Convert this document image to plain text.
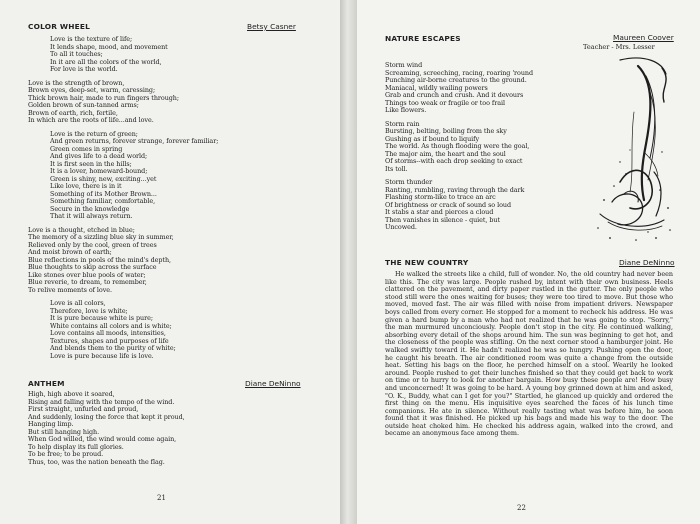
COLOR WHEEL	Betsy Casner
Love is the texture of life;
It lends shape, mood, and movement
To all it touches;
In it are all the colors of the world,
For love is the world.
Love is the strength of brown,
Brown eyes, deep-set, warm, caressing;
Thick brown hair, made to run fingers through;
Golden brown of sun-tanned arms;
Brown of earth, rich, fertile,
In which are the roots of life...and love.
Love is the return of green;
And green returns, forever strange, forever familiar;
Green comes in spring
And gives life to a dead world;
It is first seen in the hills;
It is a lover, homeward-bound;
Green is shiny, new, exciting...yet
Like love, there is in it
Something of its Mother Brown...
Something familiar, comfortable,
Secure in the knowledge
That it will always return.
Love is a thought, etched in blue;
The memory of a sizzling blue sky in summer,
Relieved only by the cool, green of trees
And moist brown of earth;
Blue reflections in pools of the mind's depth,
Blue thoughts to skip across the surface
Like stones over blue pools of water;
Blue reverie, to dream, to remember,
To relive moments of love.
Love is all colors,
Therefore, love is white;
It is pure because white is pure;
White contains all colors and is white;
Love contains all moods, intensities,
Textures, shapes and purposes of life
And blends them to the purity of white;
Love is pure because life is love.
ANTHEM	Diane DeNinno
High, high above it soared,
Rising and falling with the tempo of the wind.
First straight, unfurled and proud,
And suddenly, losing the force that kept it proud,
Hanging limp.
But still hanging high.
When God willed, the wind would come again,
To help display its full glories.
To be free; to be proud.
Thus, too, was the nation beneath the flag.
21
NATURE ESCAPES	Maureen Coover
Teacher - Mrs. Lesser
Storm wind
Screaming, screeching, racing, roaring 'round
Punching air-borne creatures to the ground.
Maniacal, wildly wailing powers
Grab and crunch and crush. And it devours
Things too weak or fragile or too frail
Like flowers.
Storm rain
Bursting, belting, boiling from the sky
Gushing as if bound to liquify
The world. As though flooding were the goal,
The major aim, the heart and the soul
Of storms--with each drop seeking to exact
Its toll.
Storm thunder
Ranting, rumbling, raving through the dark
Flashing storm-like to trace an arc
Of brightness or crack of sound so loud
It stabs a star and pierces a cloud
Then vanishes in silence - quiet, but
Uncowed.
THE NEW COUNTRY	Diane DeNinno
He walked the streets like a child, full of wonder. No, the old country had never been like this. The city was large. People rushed by, intent with their own business. Heels clattered on the pavement, and dirty paper rustled in the gutter. The only people who stood still were the ones waiting for buses; they were too tired to move. But those who moved, moved fast. The air was filled with noise from impatient drivers. Newspaper boys called from every corner. He stopped for a moment to recheck his address. He was given a hard bump by a man who had not realized that he was going to stop. "Sorry," the man murmured unconciously. People don't stop in the city. He continued walking, absorbing every detail of the shops around him. The sun was beginning to get hot, and the closeness of the people was stifling. On the next corner stood a hamburger joint. He walked swiftly toward it. He hadn't realized he was so hungry. Pushing open the door, he caught his breath. The air conditioned room was quite a change from the outside heat. Setting his bags on the floor, he perched himself on a stool. Wearily he looked around. People rushed to get their lunches finished so that they could get back to work on time or to hurry to look for another bargain. How busy these people are! How busy and unconcerned! It was going to be hard. A young boy grinned down at him and asked, "O. K., Buddy, what can I get for you?" Startled, he glanced up quickly and ordered the first thing on the menu. His inquisitive eyes searched the faces of his lunch time companions. He ate in silence. Without really tasting what was before him, he soon found that it was finished. He picked up his bags and made his way to the door. The outside heat choked him. He checked his address again, walked into the crowd, and became an anonymous face among them.
22
